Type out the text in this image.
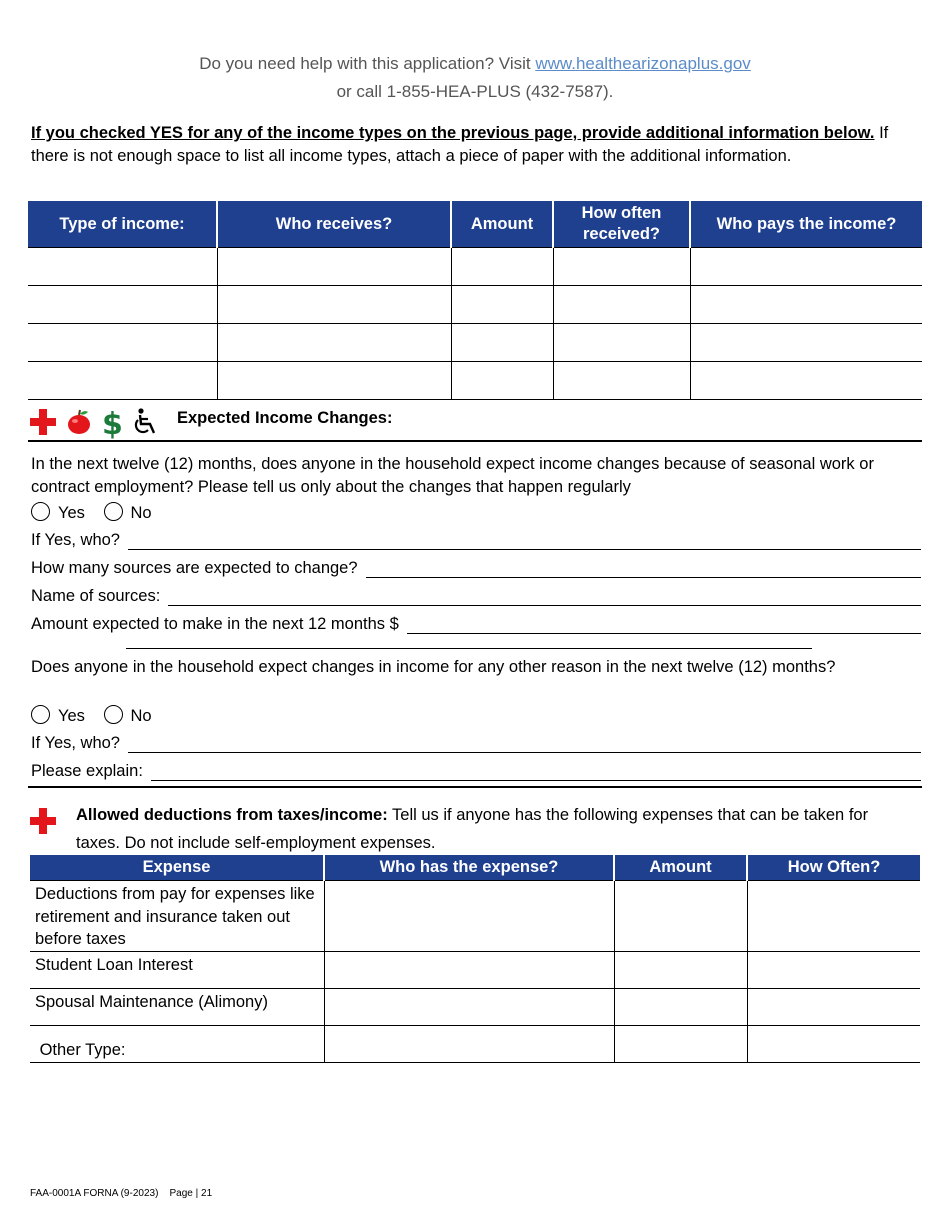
Do you need help with this application? Visit www.healthearizonaplus.gov
or call 1-855-HEA-PLUS (432-7587).
If you checked YES for any of the income types on the previous page, provide additional information below. If there is not enough space to list all income types, attach a piece of paper with the additional information.
Type of income:	Who receives?	Amount	How often received?	Who pays the income?

$	Expected Income Changes:
In the next twelve (12) months, does anyone in the household expect income changes because of seasonal work or contract employment? Please tell us only about the changes that happen regularly
Yes	No
If Yes, who?
How many sources are expected to change?
Name of sources:
Amount expected to make in the next 12 months $
Does anyone in the household expect changes in income for any other reason in the next twelve (12) months?
Yes	No
If Yes, who?
Please explain:
Allowed deductions from taxes/income: Tell us if anyone has the following expenses that can be taken for taxes. Do not include self-employment expenses.
Expense	Who has the expense?	Amount	How Often?
Deductions from pay for expenses like retirement and insurance taken out before taxes			
Student Loan Interest			
Spousal Maintenance (Alimony)			
Other Type:			
FAA-0001A FORNA (9-2023)    Page | 21
